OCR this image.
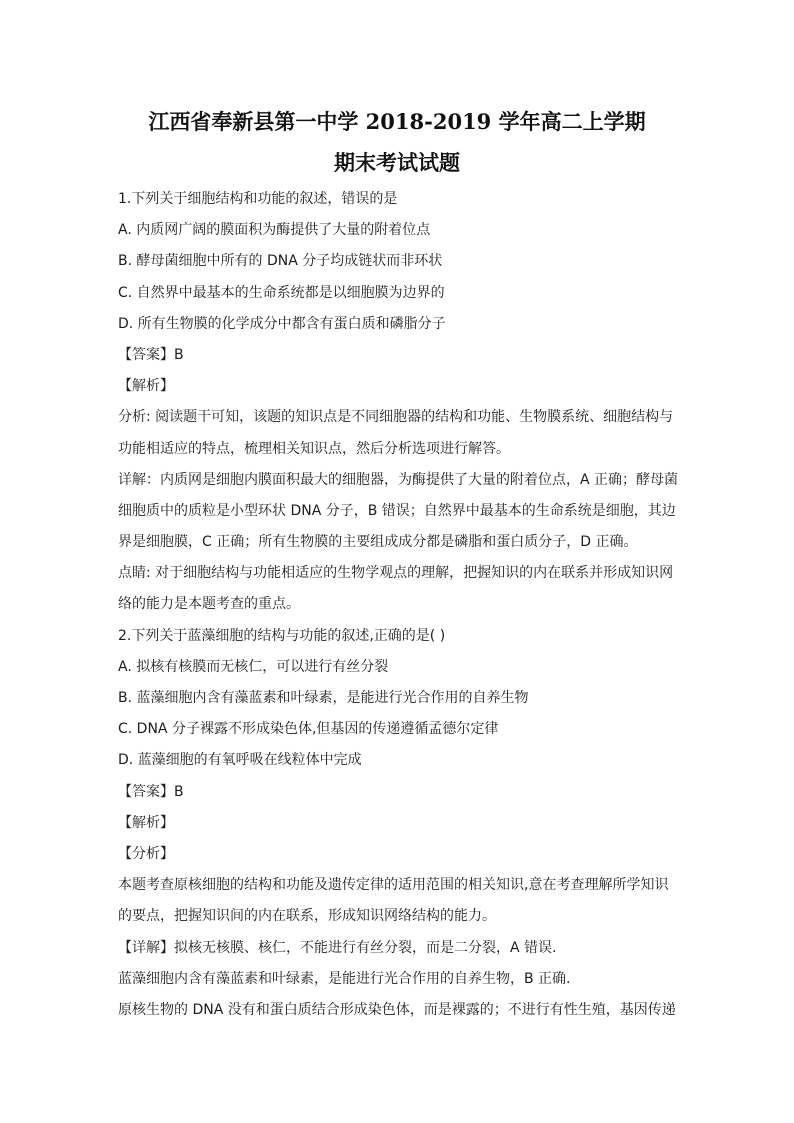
江西省奉新县第一中学 2018-2019 学年高二上学期
期末考试试题
1.下列关于细胞结构和功能的叙述，错误的是
A. 内质网广阔的膜面积为酶提供了大量的附着位点
B. 酵母菌细胞中所有的 DNA 分子均成链状而非环状
C. 自然界中最基本的生命系统都是以细胞膜为边界的
D. 所有生物膜的化学成分中都含有蛋白质和磷脂分子
【答案】B
【解析】
分析: 阅读题干可知，该题的知识点是不同细胞器的结构和功能、生物膜系统、细胞结构与
功能相适应的特点，梳理相关知识点，然后分析选项进行解答。
详解：内质网是细胞内膜面积最大的细胞器，为酶提供了大量的附着位点，A 正确；酵母菌
细胞质中的质粒是小型环状 DNA 分子，B 错误；自然界中最基本的生命系统是细胞，其边
界是细胞膜，C 正确；所有生物膜的主要组成成分都是磷脂和蛋白质分子，D 正确。
点睛: 对于细胞结构与功能相适应的生物学观点的理解，把握知识的内在联系并形成知识网
络的能力是本题考查的重点。
2.下列关于蓝藻细胞的结构与功能的叙述,正确的是( )
A. 拟核有核膜而无核仁，可以进行有丝分裂
B. 蓝藻细胞内含有藻蓝素和叶绿素，是能进行光合作用的自养生物
C. DNA 分子裸露不形成染色体,但基因的传递遵循孟德尔定律
D. 蓝藻细胞的有氧呼吸在线粒体中完成
【答案】B
【解析】
【分析】
本题考查原核细胞的结构和功能及遗传定律的适用范围的相关知识,意在考查理解所学知识
的要点，把握知识间的内在联系，形成知识网络结构的能力。
【详解】拟核无核膜、核仁，不能进行有丝分裂，而是二分裂，A 错误.
蓝藻细胞内含有藻蓝素和叶绿素，是能进行光合作用的自养生物，B 正确.
原核生物的 DNA 没有和蛋白质结合形成染色体，而是裸露的；不进行有性生殖，基因传递
